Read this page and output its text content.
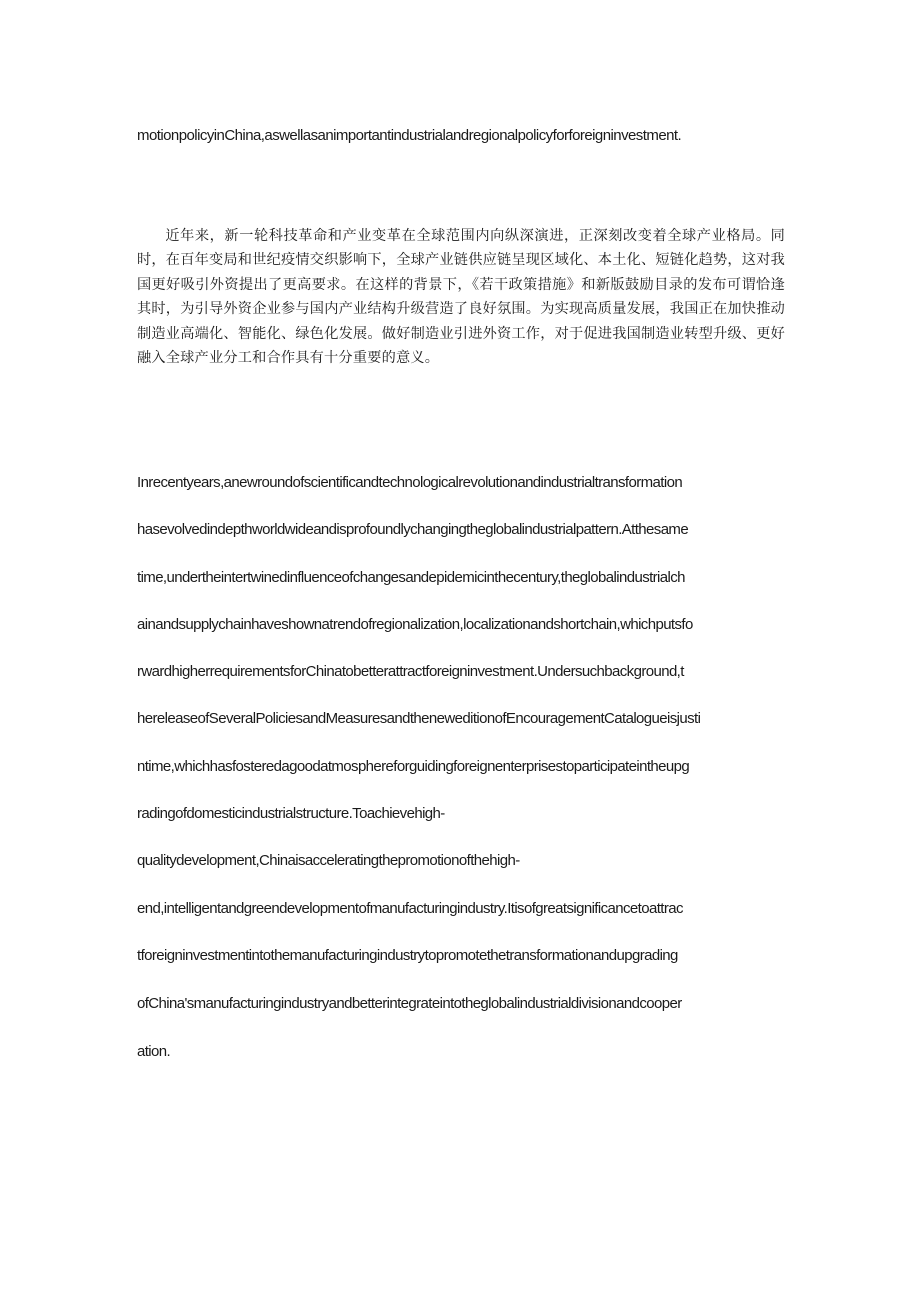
motionpolicyinChina,aswellasanimportantindustrialandregionalpolicyforforeigninvestment.

近年来，新一轮科技革命和产业变革在全球范围内向纵深演进，正深刻改变着全球产业格局。同时，在百年变局和世纪疫情交织影响下，全球产业链供应链呈现区域化、本土化、短链化趋势，这对我国更好吸引外资提出了更高要求。在这样的背景下，《若干政策措施》和新版鼓励目录的发布可谓恰逢其时，为引导外资企业参与国内产业结构升级营造了良好氛围。为实现高质量发展，我国正在加快推动制造业高端化、智能化、绿色化发展。做好制造业引进外资工作，对于促进我国制造业转型升级、更好融入全球产业分工和合作具有十分重要的意义。

Inrecentyears,anewroundofscientificandtechnologicalrevolutionandindustrialtransformation

hasevolvedindepthworldwideandisprofoundlychangingtheglobalindustrialpattern.Atthesame

time,undertheintertwinedinfluenceofchangesandepidemicinthecentury,theglobalindustrialch

ainandsupplychainhaveshownatrendofregionalization,localizationandshortchain,whichputsfo

rwardhigherrequirementsforChinatobetterattractforeigninvestment.Undersuchbackground,t

hereleaseofSeveralPoliciesandMeasuresandtheneweditionofEncouragementCatalogueisjusti

ntime,whichhasfosteredagoodatmosphereforguidingforeignenterprisestoparticipateintheupg

radingofdomesticindustrialstructure.Toachievehigh-

qualitydevelopment,Chinaisacceleratingthepromotionofthehigh-

end,intelligentandgreendevelopmentofmanufacturingindustry.Itisofgreatsignificancetoattrac

tforeigninvestmentintothemanufacturingindustrytopromotethetransformationandupgrading

ofChina'smanufacturingindustryandbetterintegrateintotheglobalindustrialdivisionandcooper

ation.
